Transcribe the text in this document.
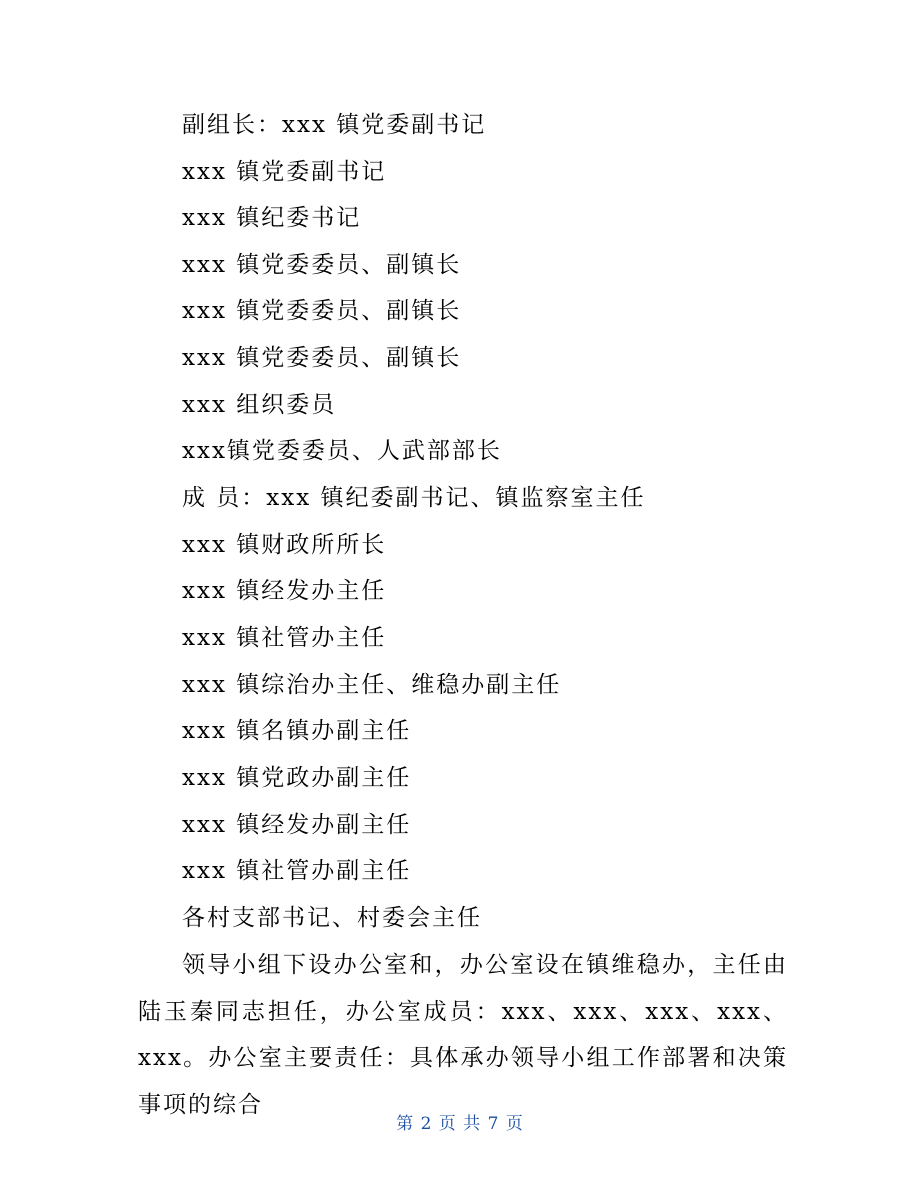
副组长：xxx 镇党委副书记
xxx 镇党委副书记
xxx 镇纪委书记
xxx 镇党委委员、副镇长
xxx 镇党委委员、副镇长
xxx 镇党委委员、副镇长
xxx 组织委员
xxx镇党委委员、人武部部长
成 员：xxx 镇纪委副书记、镇监察室主任
xxx 镇财政所所长
xxx 镇经发办主任
xxx 镇社管办主任
xxx 镇综治办主任、维稳办副主任
xxx 镇名镇办副主任
xxx 镇党政办副主任
xxx 镇经发办副主任
xxx 镇社管办副主任
各村支部书记、村委会主任
领导小组下设办公室和，办公室设在镇维稳办，主任由陆玉秦同志担任，办公室成员：xxx、xxx、xxx、xxx、xxx。办公室主要责任：具体承办领导小组工作部署和决策事项的综合
第 2 页 共 7 页
